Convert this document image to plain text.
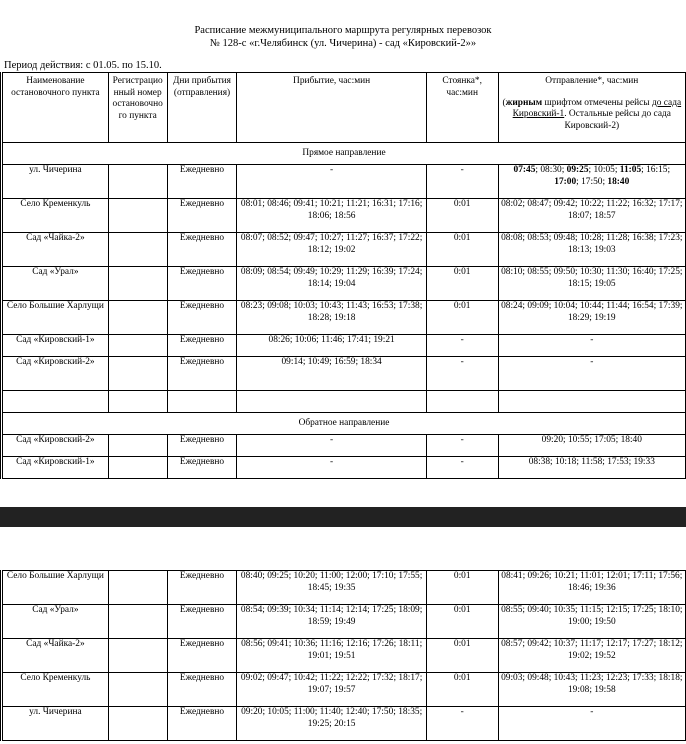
Расписание межмуниципального маршрута регулярных перевозок
№ 128-с «г.Челябинск (ул. Чичерина) - сад «Кировский-2»»
Период действия: с 01.05. по 15.10.
Наименование остановочного пункта	Регистрационный номер остановочного пункта	Дни прибытия (отправления)	Прибытие, час:мин	Стоянка*, час:мин	Отправление*, час:мин
(жирным шрифтом отмечены рейсы до сада Кировский-1. Остальные рейсы до сада Кировский-2)

Прямое направление					
ул. Чичерина		Ежедневно	-	-	07:45; 08:30; 09:25; 10:05; 11:05; 16:15; 17:00; 17:50; 18:40
Село Кременкуль		Ежедневно	08:01; 08:46; 09:41; 10:21; 11:21; 16:31; 17:16; 18:06; 18:56	0:01	08:02; 08:47; 09:42; 10:22; 11:22; 16:32; 17:17; 18:07; 18:57
Сад «Чайка-2»		Ежедневно	08:07; 08:52; 09:47; 10:27; 11:27; 16:37; 17:22; 18:12; 19:02	0:01	08:08; 08:53; 09:48; 10:28; 11:28; 16:38; 17:23; 18:13; 19:03
Сад «Урал»		Ежедневно	08:09; 08:54; 09:49; 10:29; 11:29; 16:39; 17:24; 18:14; 19:04	0:01	08:10; 08:55; 09:50; 10:30; 11:30; 16:40; 17:25; 18:15; 19:05
Село Большие Харлущи		Ежедневно	08:23; 09:08; 10:03; 10:43; 11:43; 16:53; 17:38; 18:28; 19:18	0:01	08:24; 09:09; 10:04; 10:44; 11:44; 16:54; 17:39; 18:29; 19:19
Сад «Кировский-1»		Ежедневно	08:26; 10:06; 11:46; 17:41; 19:21	-	-
Сад «Кировский-2»		Ежедневно	09:14; 10:49; 16:59; 18:34	-	-

Обратное направление					
Сад «Кировский-2»		Ежедневно	-	-	09:20; 10:55; 17:05; 18:40
Сад «Кировский-1»		Ежедневно	-	-	08:38; 10:18; 11:58; 17:53; 19:33
Село Большие Харлущи		Ежедневно	08:40; 09:25; 10:20; 11:00; 12:00; 17:10; 17:55; 18:45; 19:35	0:01	08:41; 09:26; 10:21; 11:01; 12:01; 17:11; 17:56; 18:46; 19:36
Сад «Урал»		Ежедневно	08:54; 09:39; 10:34; 11:14; 12:14; 17:25; 18:09; 18:59; 19:49	0:01	08:55; 09:40; 10:35; 11:15; 12:15; 17:25; 18:10; 19:00; 19:50
Сад «Чайка-2»		Ежедневно	08:56; 09:41; 10:36; 11:16; 12:16; 17:26; 18:11; 19:01; 19:51	0:01	08:57; 09:42; 10:37; 11:17; 12:17; 17:27; 18:12; 19:02; 19:52
Село Кременкуль		Ежедневно	09:02; 09:47; 10:42; 11:22; 12:22; 17:32; 18:17; 19:07; 19:57	0:01	09:03; 09:48; 10:43; 11:23; 12:23; 17:33; 18:18; 19:08; 19:58
ул. Чичерина		Ежедневно	09:20; 10:05; 11:00; 11:40; 12:40; 17:50; 18:35; 19:25; 20:15	-	-
